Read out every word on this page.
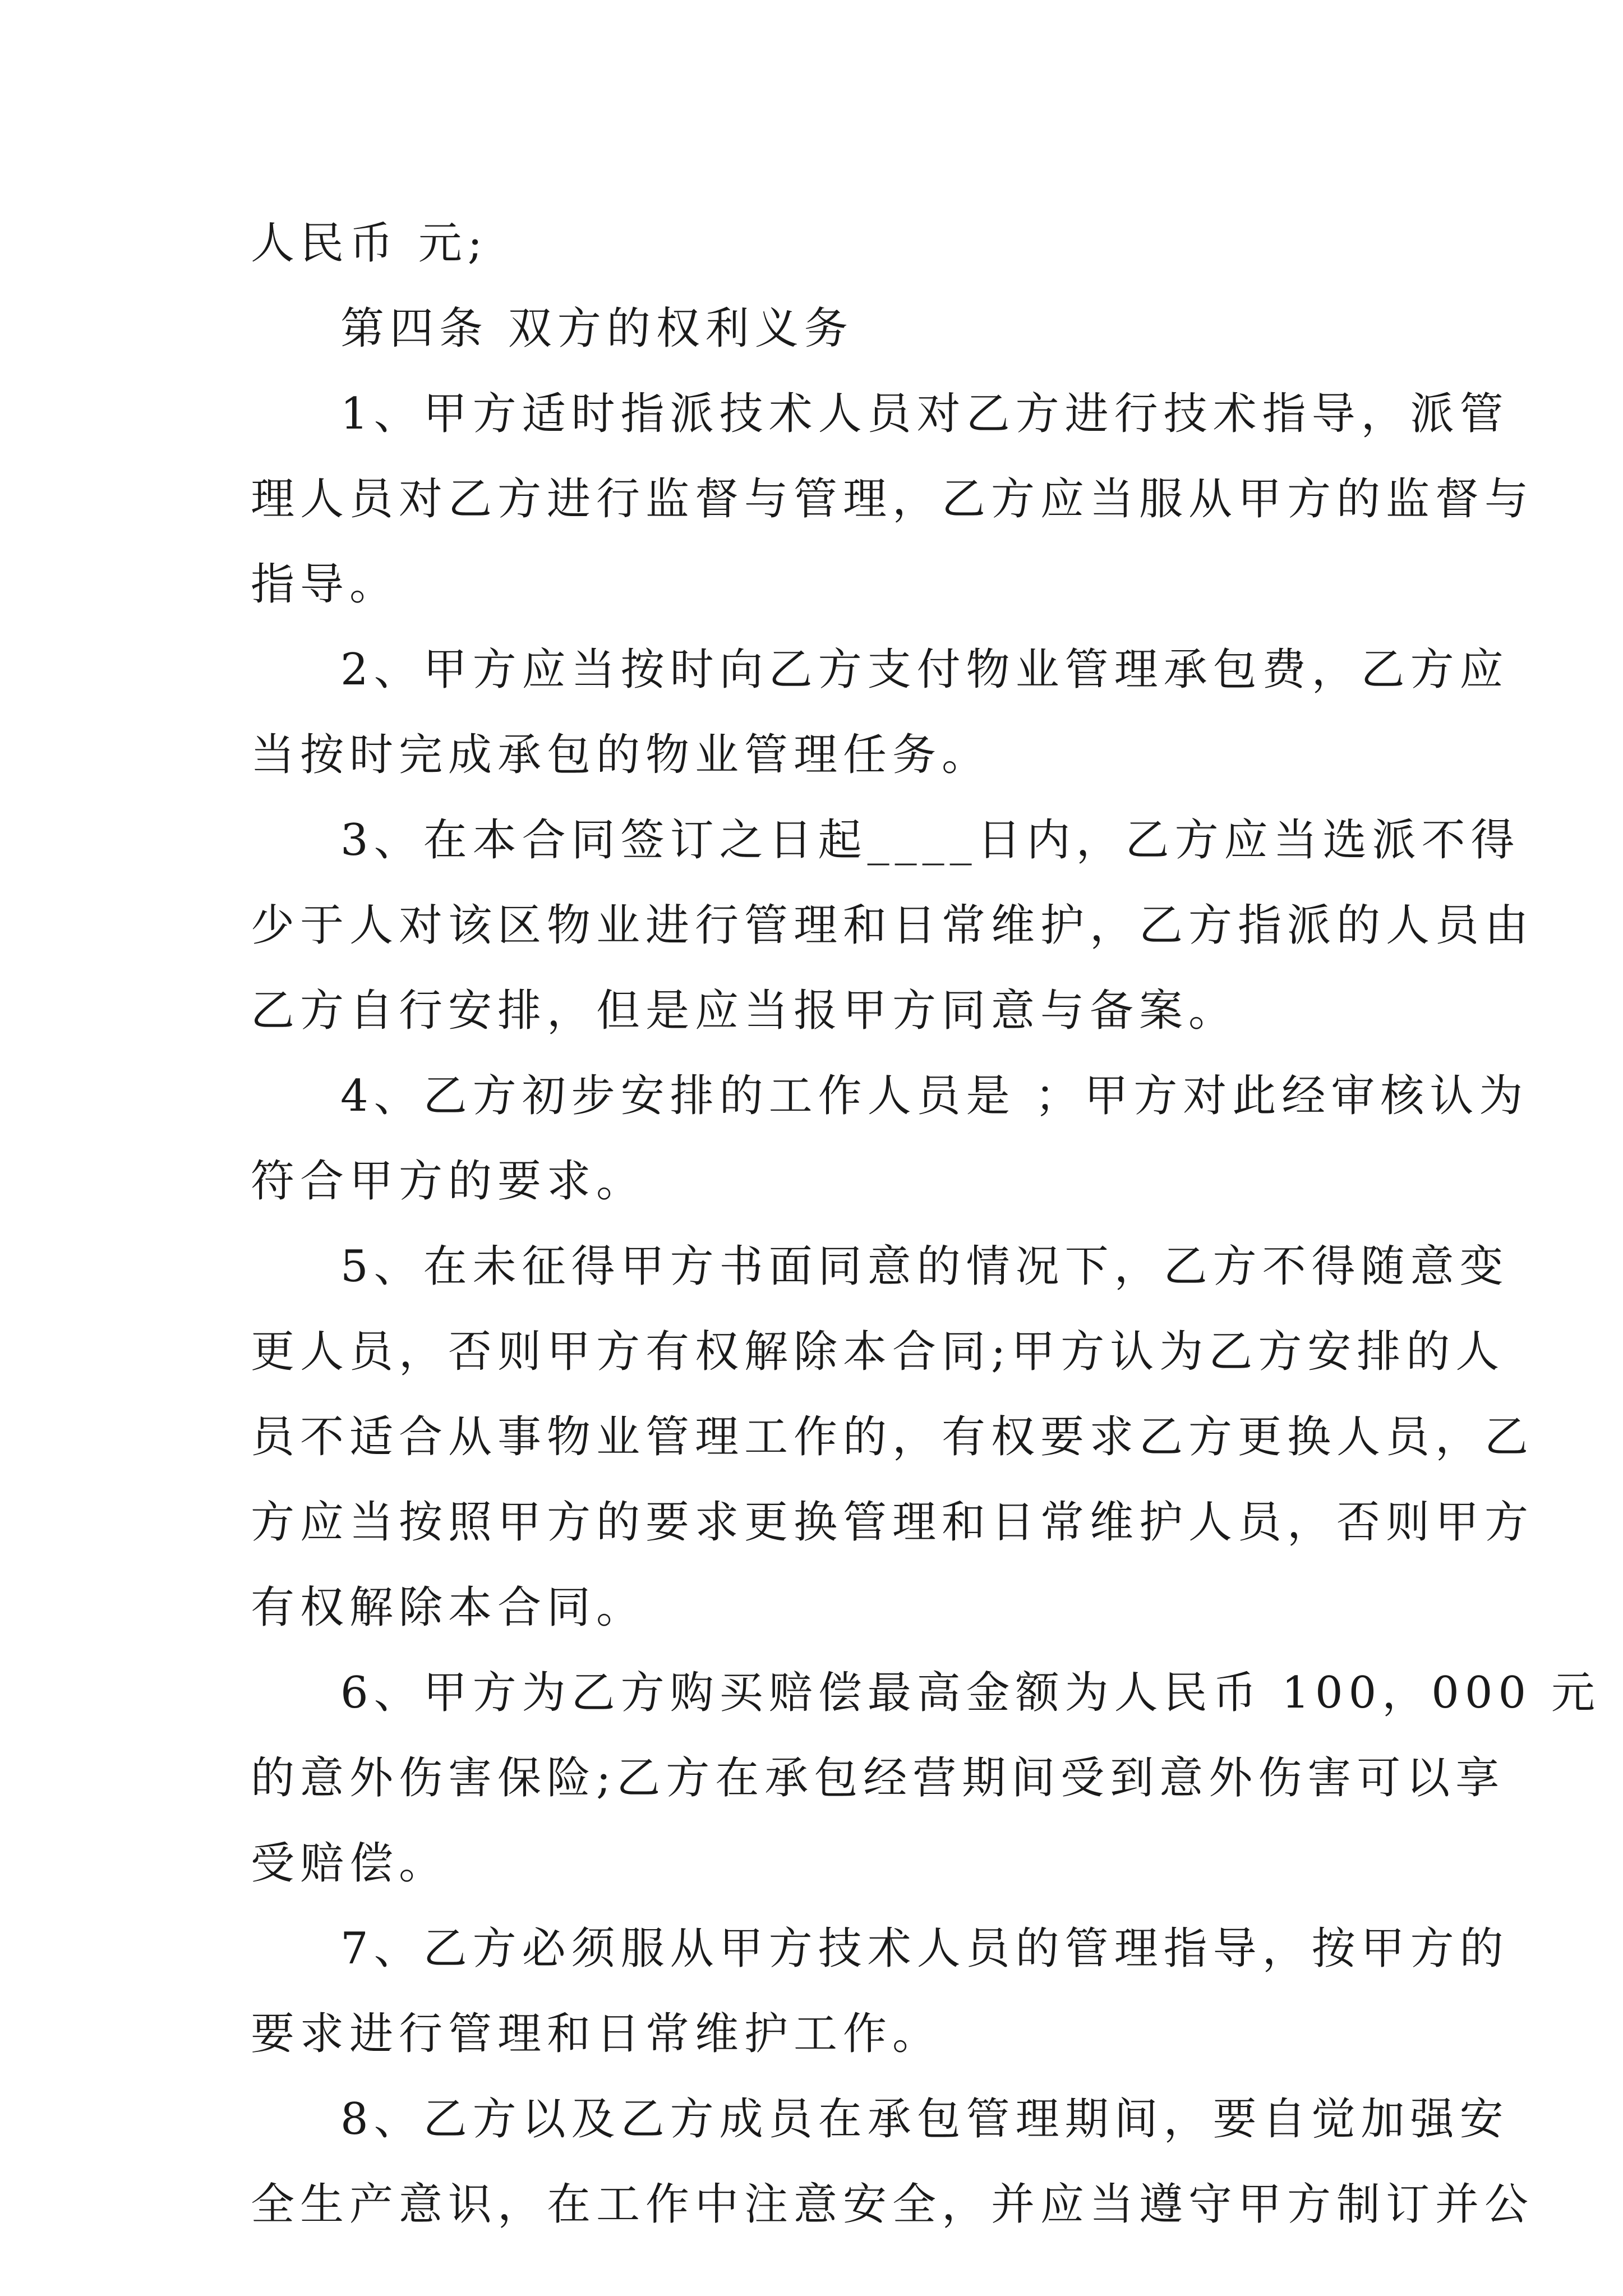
人民币 元;
第四条 双方的权利义务
1、甲方适时指派技术人员对乙方进行技术指导，派管
理人员对乙方进行监督与管理，乙方应当服从甲方的监督与
指导。
2、甲方应当按时向乙方支付物业管理承包费，乙方应
当按时完成承包的物业管理任务。
3、在本合同签订之日起____日内，乙方应当选派不得
少于人对该区物业进行管理和日常维护，乙方指派的人员由
乙方自行安排，但是应当报甲方同意与备案。
4、乙方初步安排的工作人员是 ；甲方对此经审核认为
符合甲方的要求。
5、在未征得甲方书面同意的情况下，乙方不得随意变
更人员，否则甲方有权解除本合同;甲方认为乙方安排的人
员不适合从事物业管理工作的，有权要求乙方更换人员，乙
方应当按照甲方的要求更换管理和日常维护人员，否则甲方
有权解除本合同。
6、甲方为乙方购买赔偿最高金额为人民币 100，000 元
的意外伤害保险;乙方在承包经营期间受到意外伤害可以享
受赔偿。
7、乙方必须服从甲方技术人员的管理指导，按甲方的
要求进行管理和日常维护工作。
8、乙方以及乙方成员在承包管理期间，要自觉加强安
全生产意识，在工作中注意安全，并应当遵守甲方制订并公
